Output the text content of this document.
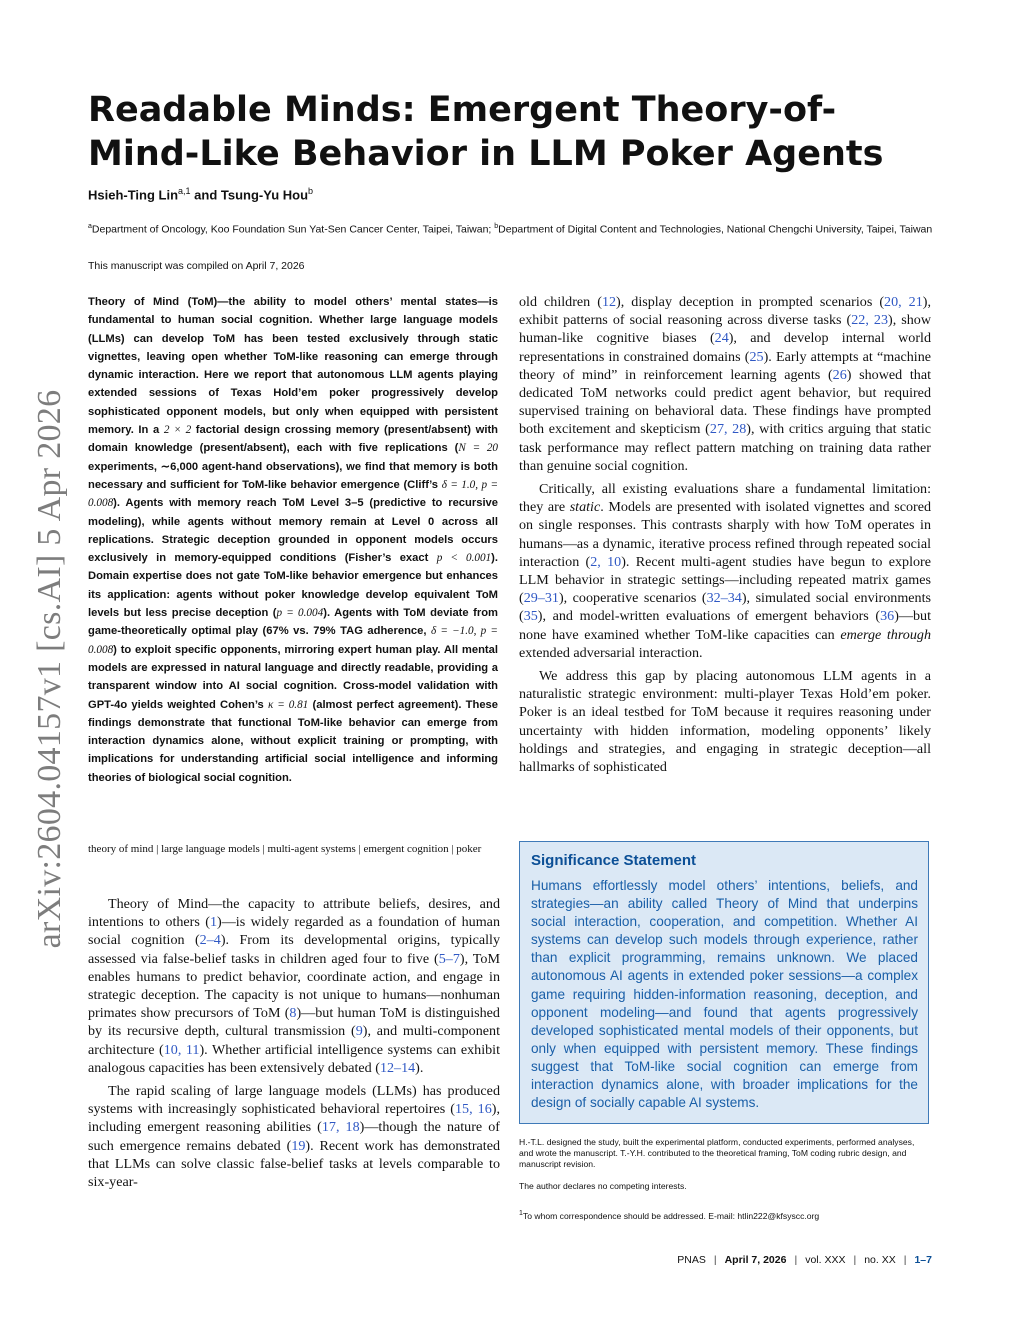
arXiv:2604.04157v1 [cs.AI] 5 Apr 2026
Readable Minds: Emergent Theory-of-Mind-Like Behavior in LLM Poker Agents
Hsieh-Ting Lin$^{a,1}$ and Tsung-Yu Hou$^b$
$^a$Department of Oncology, Koo Foundation Sun Yat-Sen Cancer Center, Taipei, Taiwan; $^b$Department of Digital Content and Technologies, National Chengchi University, Taipei, Taiwan
This manuscript was compiled on April 7, 2026

Theory of Mind (ToM)—the ability to model others’ mental states—is fundamental to human social cognition. Whether large language models (LLMs) can develop ToM has been tested exclusively through static vignettes, leaving open whether ToM-like reasoning can emerge through dynamic interaction. Here we report that autonomous LLM agents playing extended sessions of Texas Hold’em poker progressively develop sophisticated opponent models, but only when equipped with persistent memory. In a 2 × 2 factorial design crossing memory (present/absent) with domain knowledge (present/absent), each with five replications (N = 20 experiments, ∼6,000 agent-hand observations), we find that memory is both necessary and sufficient for ToM-like behavior emergence (Cliff’s δ = 1.0, p = 0.008). Agents with memory reach ToM Level 3–5 (predictive to recursive modeling), while agents without memory remain at Level 0 across all replications. Strategic deception grounded in opponent models occurs exclusively in memory-equipped conditions (Fisher’s exact p < 0.001). Domain expertise does not gate ToM-like behavior emergence but enhances its application: agents without poker knowledge develop equivalent ToM levels but less precise deception (p = 0.004). Agents with ToM deviate from game-theoretically optimal play (67% vs. 79% TAG adherence, δ = −1.0, p = 0.008) to exploit specific opponents, mirroring expert human play. All mental models are expressed in natural language and directly readable, providing a transparent window into AI social cognition. Cross-model validation with GPT-4o yields weighted Cohen’s κ = 0.81 (almost perfect agreement). These findings demonstrate that functional ToM-like behavior can emerge from interaction dynamics alone, without explicit training or prompting, with implications for understanding artificial social intelligence and informing theories of biological social cognition.

theory of mind | large language models | multi-agent systems | emergent cognition | poker

Theory of Mind—the capacity to attribute beliefs, desires, and intentions to others (1)—is widely regarded as a foundation of human social cognition (2–4). From its developmental origins, typically assessed via false-belief tasks in children aged four to five (5–7), ToM enables humans to predict behavior, coordinate action, and engage in strategic deception. The capacity is not unique to humans—nonhuman primates show precursors of ToM (8)—but human ToM is distinguished by its recursive depth, cultural transmission (9), and multi-component architecture (10, 11). Whether artificial intelligence systems can exhibit analogous capacities has been extensively debated (12–14).

The rapid scaling of large language models (LLMs) has produced systems with increasingly sophisticated behavioral repertoires (15, 16), including emergent reasoning abilities (17, 18)—though the nature of such emergence remains debated (19). Recent work has demonstrated that LLMs can solve classic false-belief tasks at levels comparable to six-year-

old children (12), display deception in prompted scenarios (20, 21), exhibit patterns of social reasoning across diverse tasks (22, 23), show human-like cognitive biases (24), and develop internal world representations in constrained domains (25). Early attempts at “machine theory of mind” in reinforcement learning agents (26) showed that dedicated ToM networks could predict agent behavior, but required supervised training on behavioral data. These findings have prompted both excitement and skepticism (27, 28), with critics arguing that static task performance may reflect pattern matching on training data rather than genuine social cognition.

Critically, all existing evaluations share a fundamental limitation: they are static. Models are presented with isolated vignettes and scored on single responses. This contrasts sharply with how ToM operates in humans—as a dynamic, iterative process refined through repeated social interaction (2, 10). Recent multi-agent studies have begun to explore LLM behavior in strategic settings—including repeated matrix games (29–31), cooperative scenarios (32–34), simulated social environments (35), and model-written evaluations of emergent behaviors (36)—but none have examined whether ToM-like capacities can emerge through extended adversarial interaction.

We address this gap by placing autonomous LLM agents in a naturalistic strategic environment: multi-player Texas Hold’em poker. Poker is an ideal testbed for ToM because it requires reasoning under uncertainty with hidden information, modeling opponents’ likely holdings and strategies, and engaging in strategic deception—all hallmarks of sophisticated

Significance Statement

Humans effortlessly model others’ intentions, beliefs, and strategies—an ability called Theory of Mind that underpins social interaction, cooperation, and competition. Whether AI systems can develop such models through experience, rather than explicit programming, remains unknown. We placed autonomous AI agents in extended poker sessions—a complex game requiring hidden-information reasoning, deception, and opponent modeling—and found that agents progressively developed sophisticated mental models of their opponents, but only when equipped with persistent memory. These findings suggest that ToM-like social cognition can emerge from interaction dynamics alone, with broader implications for the design of socially capable AI systems.

H.-T.L. designed the study, built the experimental platform, conducted experiments, performed analyses, and wrote the manuscript. T.-Y.H. contributed to the theoretical framing, ToM coding rubric design, and manuscript revision.
The author declares no competing interests.
$^1$To whom correspondence should be addressed. E-mail: htlin222@kfsyscc.org
PNAS | April 7, 2026 | vol. XXX | no. XX | 1–7
